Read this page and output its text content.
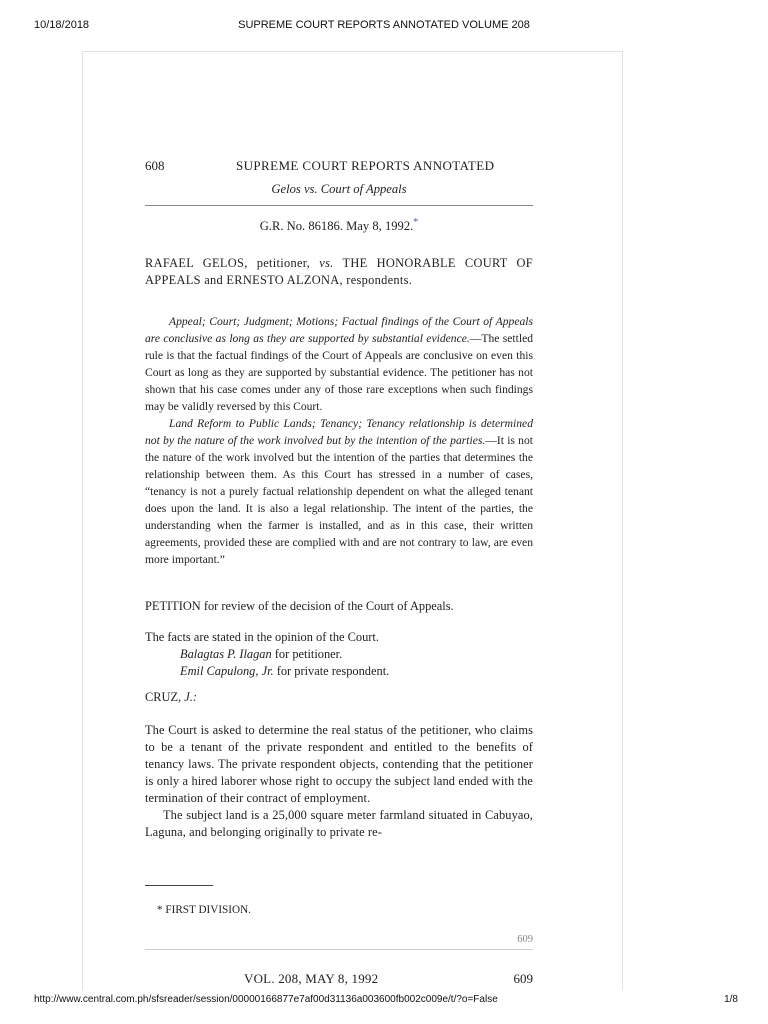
10/18/2018	SUPREME COURT REPORTS ANNOTATED VOLUME 208
608	SUPREME COURT REPORTS ANNOTATED
Gelos vs. Court of Appeals
G.R. No. 86186. May 8, 1992.*
RAFAEL GELOS, petitioner, vs. THE HONORABLE COURT OF APPEALS and ERNESTO ALZONA, respondents.

Appeal; Court; Judgment; Motions; Factual findings of the Court of Appeals are conclusive as long as they are supported by substantial evidence.—The settled rule is that the factual findings of the Court of Appeals are conclusive on even this Court as long as they are supported by substantial evidence. The petitioner has not shown that his case comes under any of those rare exceptions when such findings may be validly reversed by this Court.

Land Reform to Public Lands; Tenancy; Tenancy relationship is determined not by the nature of the work involved but by the intention of the parties.—It is not the nature of the work involved but the intention of the parties that determines the relationship between them. As this Court has stressed in a number of cases, “tenancy is not a purely factual relationship dependent on what the alleged tenant does upon the land. It is also a legal relationship. The intent of the parties, the understanding when the farmer is installed, and as in this case, their written agreements, provided these are complied with and are not contrary to law, are even more important.”

PETITION for review of the decision of the Court of Appeals.
The facts are stated in the opinion of the Court.
Balagtas P. Ilagan for petitioner.
Emil Capulong, Jr. for private respondent.
CRUZ, J.:

The Court is asked to determine the real status of the petitioner, who claims to be a tenant of the private respondent and entitled to the benefits of tenancy laws. The private respondent objects, contending that the petitioner is only a hired laborer whose right to occupy the subject land ended with the termination of their contract of employment.

The subject land is a 25,000 square meter farmland situated in Cabuyao, Laguna, and belonging originally to private re-

* FIRST DIVISION.
609
VOL. 208, MAY 8, 1992	609
http://www.central.com.ph/sfsreader/session/00000166877e7af00d31136a003600fb002c009e/t/?o=False	1/8
